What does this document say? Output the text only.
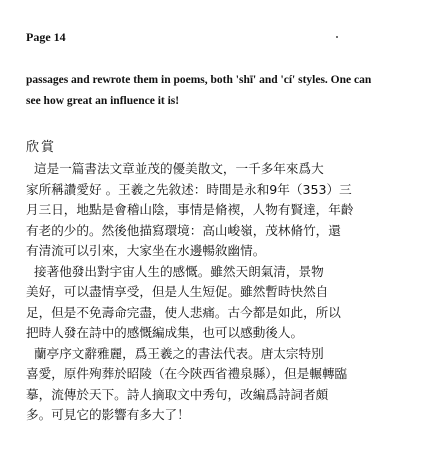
Page 14
passages and rewrote them in poems, both 'shī' and 'cí' styles. One can
see how great an influence it is!
欣賞
這是一篇書法文章並茂的優美散文，一千多年來爲大
家所稱讚愛好 。王羲之先敘述：時間是永和9年（353）三
月三日，地點是會稽山陰，事情是脩禊，人物有賢達，年齡
有老的少的。然後他描寫環境：高山峻嶺，茂林脩竹，還
有清流可以引來，大家坐在水邊暢敘幽情。
接著他發出對宇宙人生的感慨。雖然天朗氣清，景物
美好，可以盡情享受，但是人生短促。雖然暫時快然自
足，但是不免壽命完盡，使人悲痛。古今都是如此，所以
把時人發在詩中的感慨編成集，也可以感動後人。
蘭亭序文辭雅麗，爲王羲之的書法代表。唐太宗特別
喜愛，原件殉葬於昭陵（在今陝西省禮泉縣），但是輾轉臨
摹，流傳於天下。詩人摘取文中秀句，改編爲詩詞者頗
多。可見它的影響有多大了！
